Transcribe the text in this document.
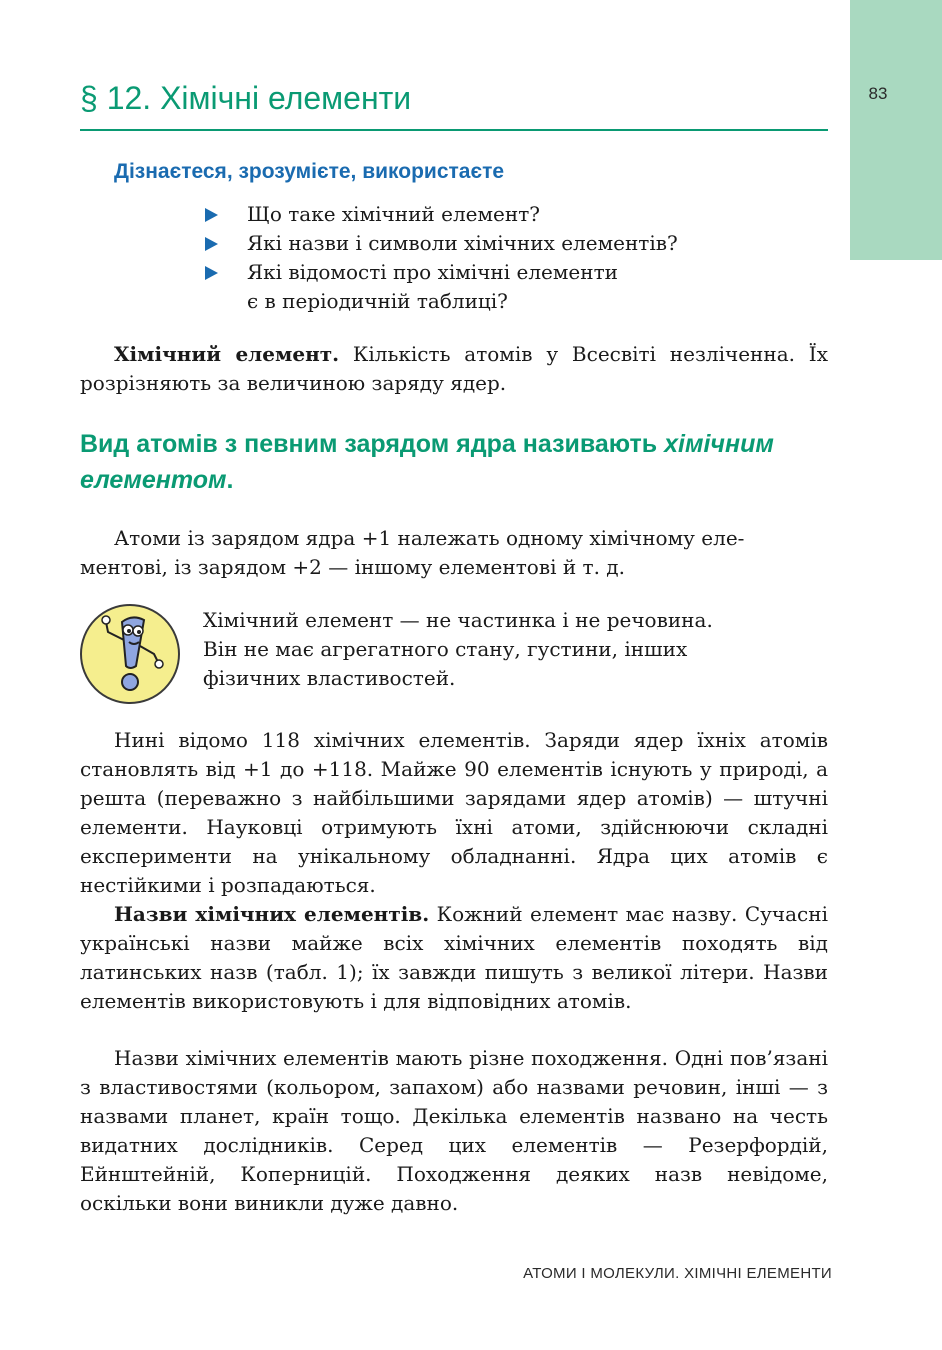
83
§ 12. Хімічні елементи
Дізнаєтеся, зрозумієте, використаєте
Що таке хімічний елемент?
Які назви і символи хімічних елементів?
Які відомості про хімічні елементи
є в періодичній таблиці?

Хімічний елемент. Кількість атомів у Всесвіті незліченна. Їх розрізняють за величиною заряду ядер.

Вид атомів з певним зарядом ядра називають хімічним елементом.

Атоми із зарядом ядра +1 належать одному хімічному еле-
ментові, із зарядом +2 — іншому елементові й т. д.

Хімічний елемент — не частинка і не речовина.
Він не має агрегатного стану, густини, інших
фізичних властивостей.

Нині відомо 118 хімічних елементів. Заряди ядер їхніх атомів становлять від +1 до +118. Майже 90 елементів існують у природі, а решта (переважно з найбільшими зарядами ядер атомів) — штучні елементи. Науковці отримують їхні атоми, здійснюючи складні експерименти на унікальному обладнанні. Ядра цих атомів є нестійкими і розпадаються.

Назви хімічних елементів. Кожний елемент має назву. Сучасні українські назви майже всіх хімічних елементів походять від латинських назв (табл. 1); їх завжди пишуть з великої літери. Назви елементів використовують і для відповідних атомів.

Назви хімічних елементів мають різне походження. Одні пов’язані з властивостями (кольором, запахом) або назвами речовин, інші — з назвами планет, країн тощо. Декілька елементів названо на честь видатних дослідників. Серед цих елементів — Резерфордій, Ейнштейній, Коперницій. Походження деяких назв невідоме, оскільки вони виникли дуже давно.

АТОМИ І МОЛЕКУЛИ. ХІМІЧНІ ЕЛЕМЕНТИ
